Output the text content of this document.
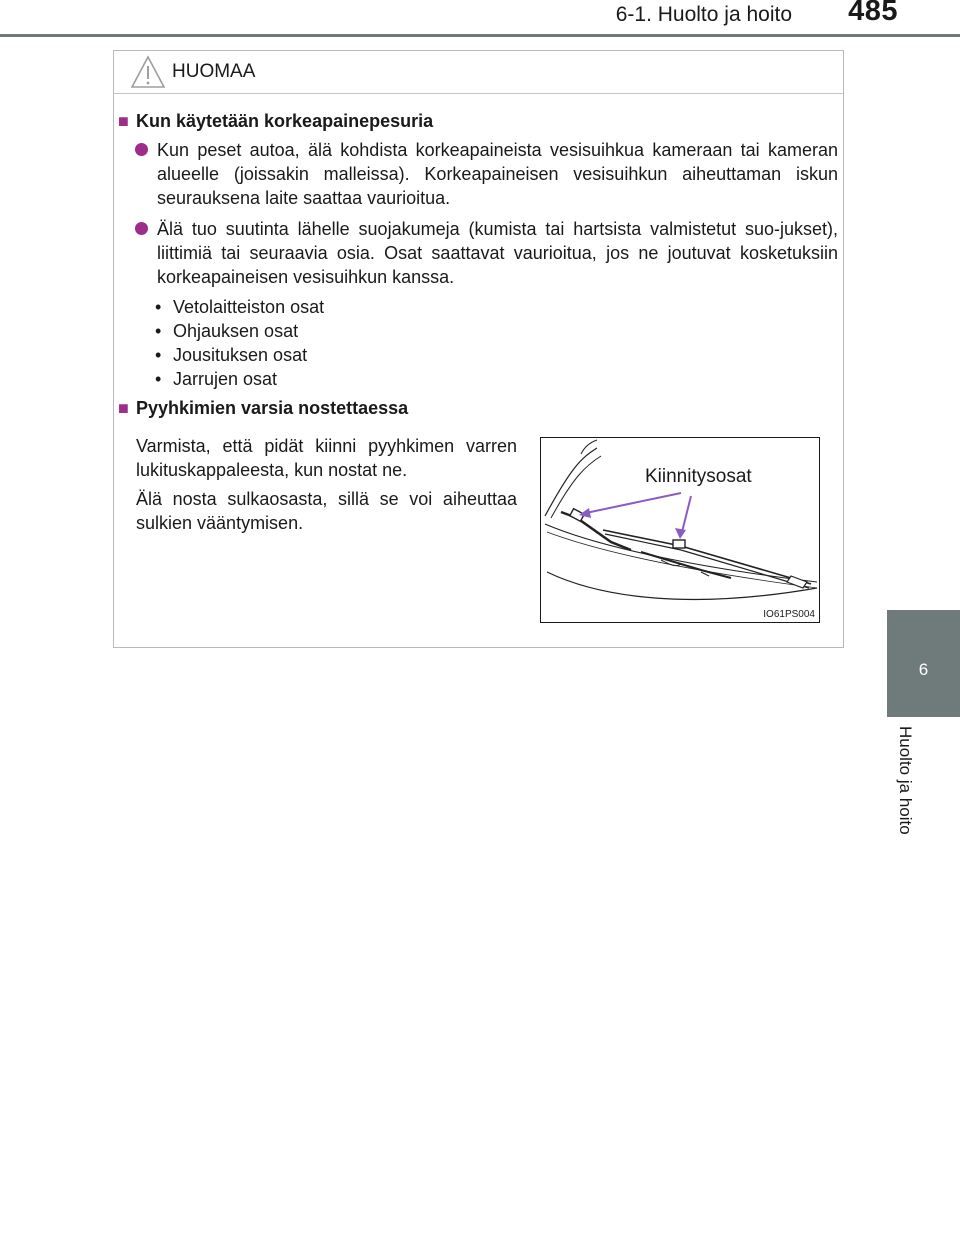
6-1. Huolto ja hoito	485
6
Huolto ja hoito
HUOMAA
■ Kun käytetään korkeapainepesuria
Kun peset autoa, älä kohdista korkeapaineista vesisuihkua kameraan tai kameran alueelle (joissakin malleissa). Korkeapaineisen vesisuihkun aiheuttaman iskun seurauksena laite saattaa vaurioitua.
Älä tuo suutinta lähelle suojakumeja (kumista tai hartsista valmistetut suo-jukset), liittimiä tai seuraavia osia. Osat saattavat vaurioitua, jos ne joutuvat kosketuksiin korkeapaineisen vesisuihkun kanssa.
• Vetolaitteiston osat
• Ohjauksen osat
• Jousituksen osat
• Jarrujen osat
■ Pyyhkimien varsia nostettaessa
Varmista, että pidät kiinni pyyhkimen varren lukituskappaleesta, kun nostat ne.
Älä nosta sulkaosasta, sillä se voi aiheuttaa sulkien vääntymisen.
Kiinnitysosat
IO61PS004
